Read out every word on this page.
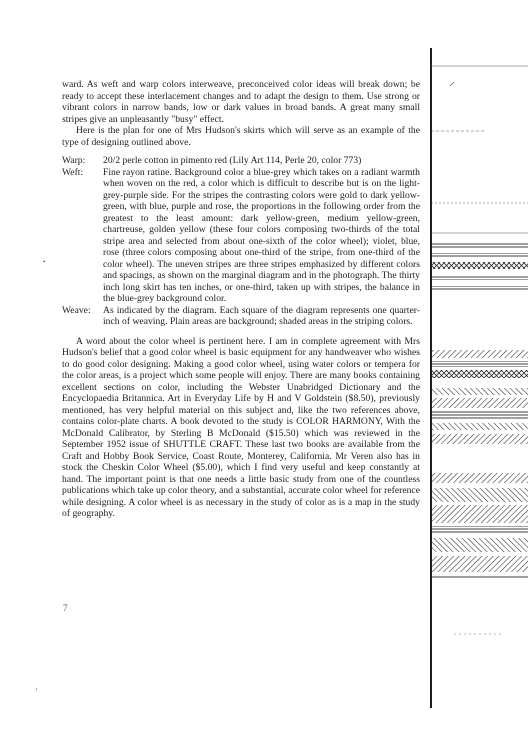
ward. As weft and warp colors interweave, preconceived color ideas will break down; be ready to accept these interlacement changes and to adapt the design to them. Use strong or vibrant colors in narrow bands, low or dark values in broad bands. A great many small stripes give an unpleasantly "busy" effect.

Here is the plan for one of Mrs Hudson's skirts which will serve as an example of the type of designing outlined above.

Warp:	20/2 perle cotton in pimento red (Lily Art 114, Perle 20, color 773)
Weft:	Fine rayon ratine. Background color a blue-grey which takes on a radiant warmth when woven on the red, a color which is difficult to describe but is on the light-grey-purple side. For the stripes the contrasting colors were gold to dark yellow-green, with blue, purple and rose, the proportions in the following order from the greatest to the least amount: dark yellow-green, medium yellow-green, chartreuse, golden yellow (these four colors composing two-thirds of the total stripe area and selected from about one-sixth of the color wheel); violet, blue, rose (three colors composing about one-third of the stripe, from one-third of the color wheel). The uneven stripes are three stripes emphasized by different colors and spacings, as shown on the marginal diagram and in the photograph. The thirty inch long skirt has ten inches, or one-third, taken up with stripes, the balance in the blue-grey background color.
Weave:	As indicated by the diagram. Each square of the diagram represents one quarter-inch of weaving. Plain areas are background; shaded areas in the striping colors.

A word about the color wheel is pertinent here. I am in complete agreement with Mrs Hudson's belief that a good color wheel is basic equipment for any handweaver who wishes to do good color designing. Making a good color wheel, using water colors or tempera for the color areas, is a project which some people will enjoy. There are many books containing excellent sections on color, including the Webster Unabridged Dictionary and the Encyclopaedia Britannica. Art in Everyday Life by H and V Goldstein ($8.50), previously mentioned, has very helpful material on this subject and, like the two references above, contains color-plate charts. A book devoted to the study is COLOR HARMONY, With the McDonald Calibrator, by Sterling B McDonald ($15.50) which was reviewed in the September 1952 issue of SHUTTLE CRAFT. These last two books are available from the Craft and Hobby Book Service, Coast Route, Monterey, California. Mr Veren also has in stock the Cheskin Color Wheel ($5.00), which I find very useful and keep constantly at hand. The important point is that one needs a little basic study from one of the countless publications which take up color theory, and a substantial, accurate color wheel for reference while designing. A color wheel is as necessary in the study of color as is a map in the study of geography.

7
•
'
